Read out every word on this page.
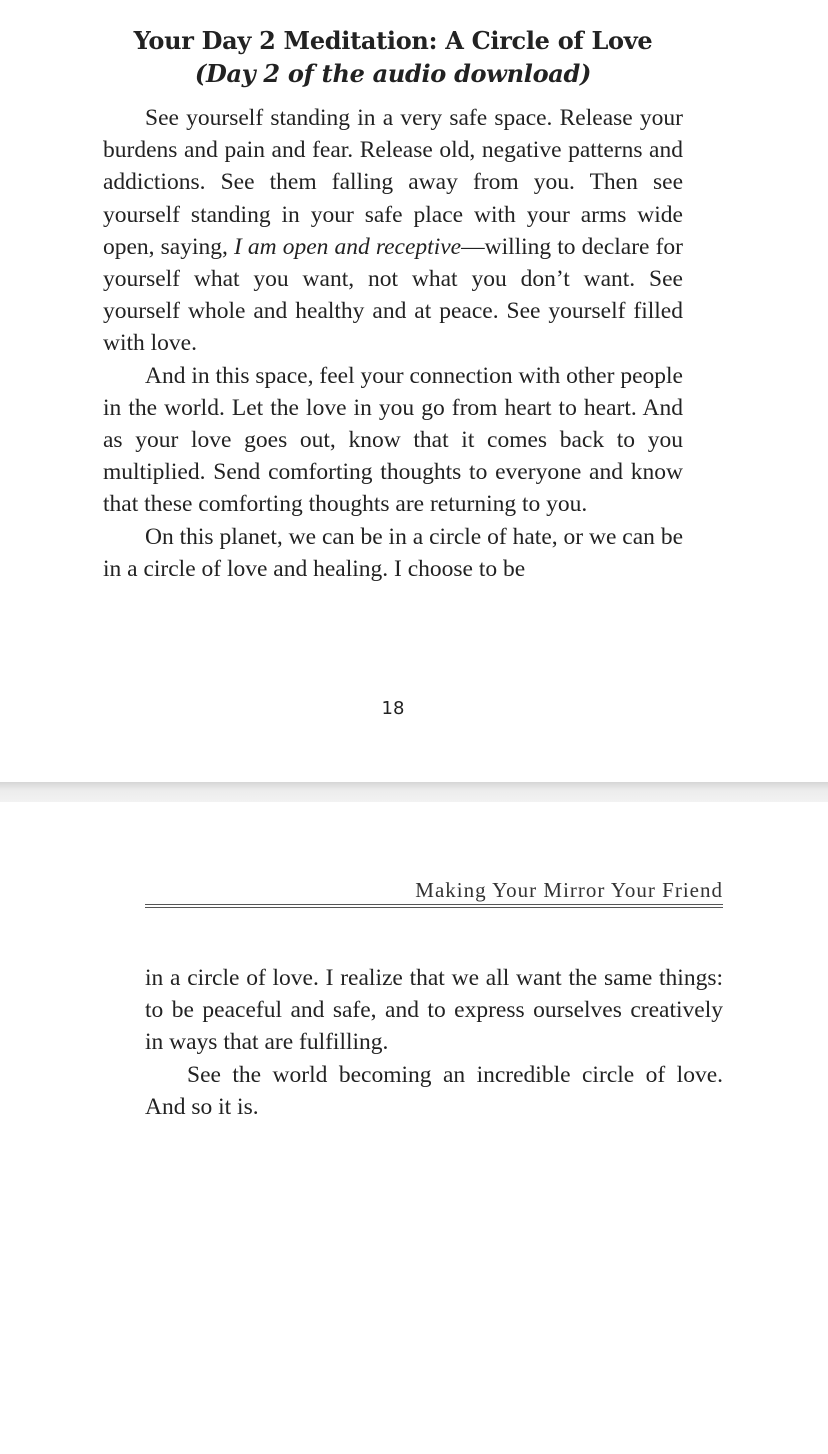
Your Day 2 Meditation: A Circle of Love
(Day 2 of the audio download)

See yourself standing in a very safe space. Release your burdens and pain and fear. Release old, negative patterns and addictions. See them falling away from you. Then see yourself standing in your safe place with your arms wide open, saying, I am open and receptive—willing to declare for yourself what you want, not what you don’t want. See yourself whole and healthy and at peace. See yourself filled with love.

And in this space, feel your connection with other people in the world. Let the love in you go from heart to heart. And as your love goes out, know that it comes back to you multiplied. Send comforting thoughts to everyone and know that these comforting thoughts are returning to you.

On this planet, we can be in a circle of hate, or we can be in a circle of love and healing. I choose to be

18
Making Your Mirror Your Friend

in a circle of love. I realize that we all want the same things: to be peaceful and safe, and to express ourselves creatively in ways that are fulfilling.

See the world becoming an incredible circle of love. And so it is.
